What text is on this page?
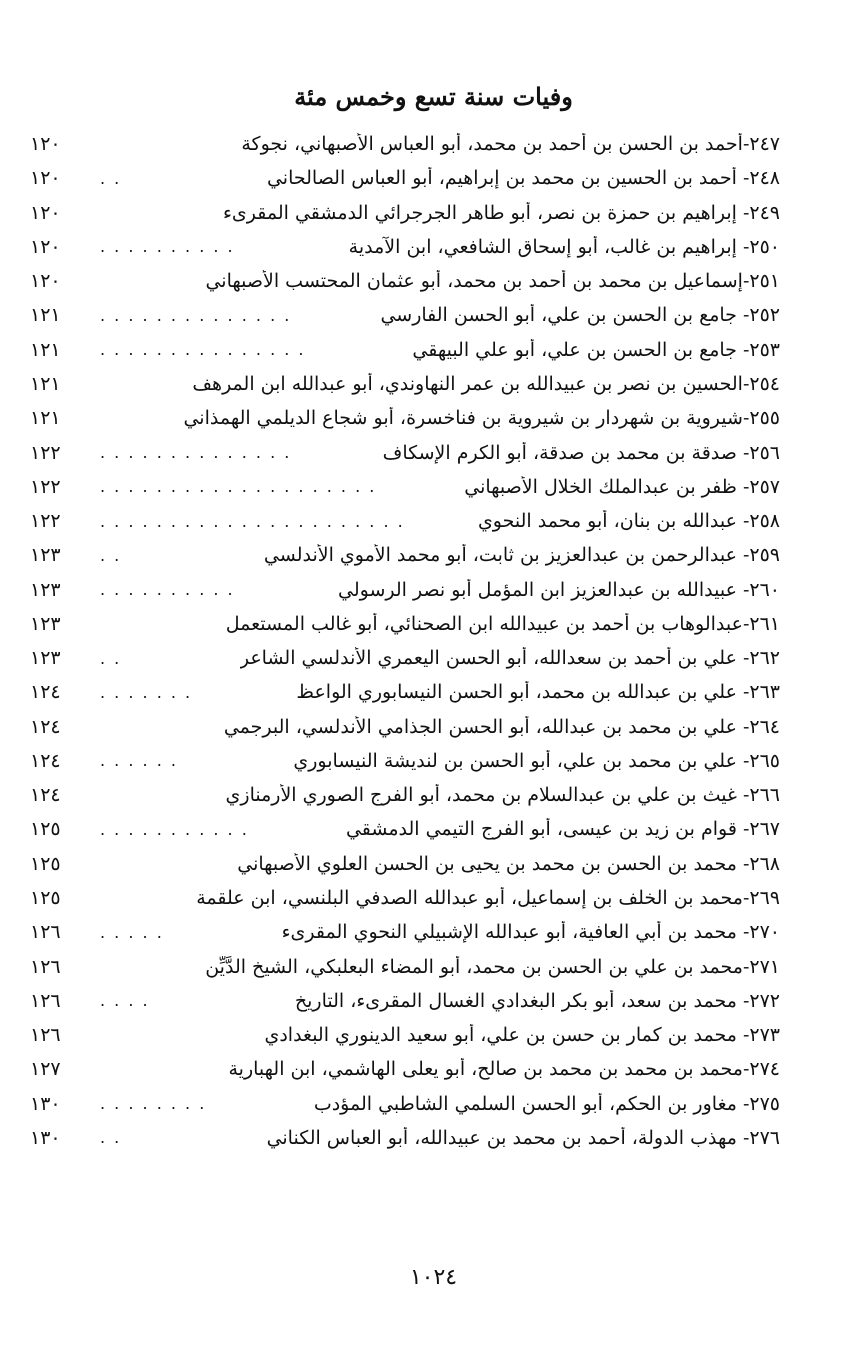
وفيات سنة تسع وخمس مئة
٢٤٧-أحمد بن الحسن بن أحمد بن محمد، أبو العباس الأصبهاني، نجوكة
١٢٠
٢٤٨- أحمد بن الحسين بن محمد بن إبراهيم، أبو العباس الصالحاني
. .
١٢٠
٢٤٩- إبراهيم بن حمزة بن نصر، أبو طاهر الجرجرائي الدمشقي المقرىء
١٢٠
٢٥٠- إبراهيم بن غالب، أبو إسحاق الشافعي، ابن الآمدية
. . . . . . . . . .
١٢٠
٢٥١-إسماعيل بن محمد بن أحمد بن محمد، أبو عثمان المحتسب الأصبهاني
١٢٠
٢٥٢- جامع بن الحسن بن علي، أبو الحسن الفارسي
. . . . . . . . . . . . . .
١٢١
٢٥٣- جامع بن الحسن بن علي، أبو علي البيهقي
. . . . . . . . . . . . . . .
١٢١
٢٥٤-الحسين بن نصر بن عبيدالله بن عمر النهاوندي، أبو عبدالله ابن المرهف
١٢١
٢٥٥-شيروية بن شهردار بن شيروية بن فناخسرة، أبو شجاع الديلمي الهمذاني
١٢١
٢٥٦- صدقة بن محمد بن صدقة، أبو الكرم الإسكاف
. . . . . . . . . . . . . .
١٢٢
٢٥٧- ظفر بن عبدالملك الخلال الأصبهاني
. . . . . . . . . . . . . . . . . . . .
١٢٢
٢٥٨- عبدالله بن بنان، أبو محمد النحوي
. . . . . . . . . . . . . . . . . . . . . .
١٢٢
٢٥٩- عبدالرحمن بن عبدالعزيز بن ثابت، أبو محمد الأموي الأندلسي
. .
١٢٣
٢٦٠- عبيدالله بن عبدالعزيز ابن المؤمل أبو نصر الرسولي
. . . . . . . . . .
١٢٣
٢٦١-عبدالوهاب بن أحمد بن عبيدالله ابن الصحنائي، أبو غالب المستعمل
١٢٣
٢٦٢- علي بن أحمد بن سعدالله، أبو الحسن اليعمري الأندلسي الشاعر
. .
١٢٣
٢٦٣- علي بن عبدالله بن محمد، أبو الحسن النيسابوري الواعظ
. . . . . . .
١٢٤
٢٦٤- علي بن محمد بن عبدالله، أبو الحسن الجذامي الأندلسي، البرجمي
١٢٤
٢٦٥- علي بن محمد بن علي، أبو الحسن بن لنديشة النيسابوري
. . . . . .
١٢٤
٢٦٦- غيث بن علي بن عبدالسلام بن محمد، أبو الفرج الصوري الأرمنازي
١٢٤
٢٦٧- قوام بن زيد بن عيسى، أبو الفرج التيمي الدمشقي
. . . . . . . . . . .
١٢٥
٢٦٨- محمد بن الحسن بن محمد بن يحيى بن الحسن العلوي الأصبهاني
١٢٥
٢٦٩-محمد بن الخلف بن إسماعيل، أبو عبدالله الصدفي البلنسي، ابن علقمة
١٢٥
٢٧٠- محمد بن أبي العافية، أبو عبدالله الإشبيلي النحوي المقرىء
. . . . .
١٢٦
٢٧١-محمد بن علي بن الحسن بن محمد، أبو المضاء البعلبكي، الشيخ الدَّيِّن
١٢٦
٢٧٢- محمد بن سعد، أبو بكر البغدادي الغسال المقرىء، التاريخ
. . . .
١٢٦
٢٧٣- محمد بن كمار بن حسن بن علي، أبو سعيد الدينوري البغدادي
١٢٦
٢٧٤-محمد بن محمد بن محمد بن صالح، أبو يعلى الهاشمي، ابن الهبارية
١٢٧
٢٧٥- مغاور بن الحكم، أبو الحسن السلمي الشاطبي المؤدب
. . . . . . . .
١٣٠
٢٧٦- مهذب الدولة، أحمد بن محمد بن عبيدالله، أبو العباس الكناني
. .
١٣٠
١٠٢٤
